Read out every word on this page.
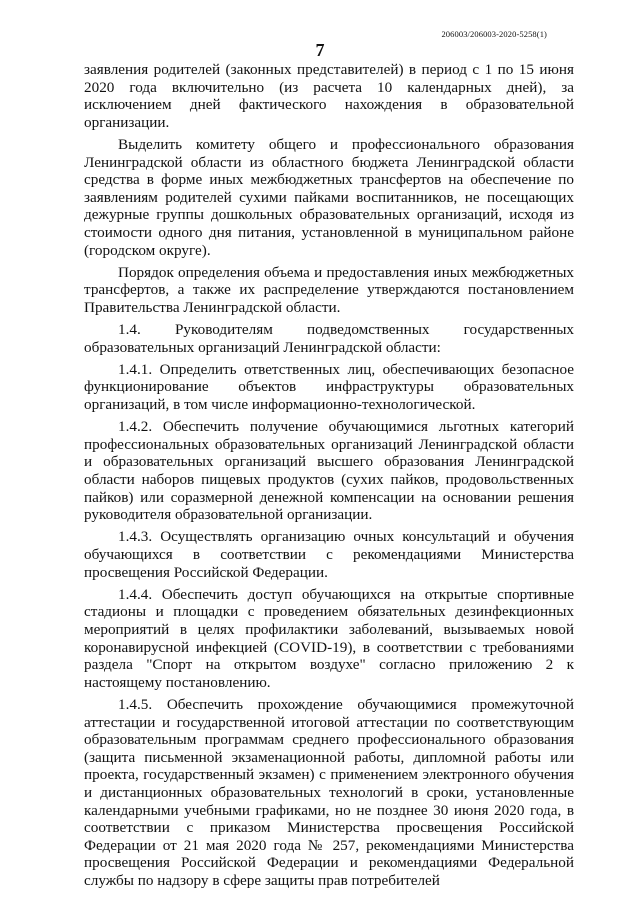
206003/206003-2020-5258(1)
7

заявления родителей (законных представителей) в период с 1 по 15 июня 2020 года включительно (из расчета 10 календарных дней), за исключением дней фактического нахождения в образовательной организации.

Выделить комитету общего и профессионального образования Ленинградской области из областного бюджета Ленинградской области средства в форме иных межбюджетных трансфертов на обеспечение по заявлениям родителей сухими пайками воспитанников, не посещающих дежурные группы дошкольных образовательных организаций, исходя из стоимости одного дня питания, установленной в муниципальном районе (городском округе).

Порядок определения объема и предоставления иных межбюджетных трансфертов, а также их распределение утверждаются постановлением Правительства Ленинградской области.

1.4. Руководителям подведомственных государственных образовательных организаций Ленинградской области:

1.4.1. Определить ответственных лиц, обеспечивающих безопасное функционирование объектов инфраструктуры образовательных организаций, в том числе информационно-технологической.

1.4.2. Обеспечить получение обучающимися льготных категорий профессиональных образовательных организаций Ленинградской области и образовательных организаций высшего образования Ленинградской области наборов пищевых продуктов (сухих пайков, продовольственных пайков) или соразмерной денежной компенсации на основании решения руководителя образовательной организации.

1.4.3. Осуществлять организацию очных консультаций и обучения обучающихся в соответствии с рекомендациями Министерства просвещения Российской Федерации.

1.4.4. Обеспечить доступ обучающихся на открытые спортивные стадионы и площадки с проведением обязательных дезинфекционных мероприятий в целях профилактики заболеваний, вызываемых новой коронавирусной инфекцией (COVID-19), в соответствии с требованиями раздела "Спорт на открытом воздухе" согласно приложению 2 к настоящему постановлению.

1.4.5. Обеспечить прохождение обучающимися промежуточной аттестации и государственной итоговой аттестации по соответствующим образовательным программам среднего профессионального образования (защита письменной экзаменационной работы, дипломной работы или проекта, государственный экзамен) с применением электронного обучения и дистанционных образовательных технологий в сроки, установленные календарными учебными графиками, но не позднее 30 июня 2020 года, в соответствии с приказом Министерства просвещения Российской Федерации от 21 мая 2020 года № 257, рекомендациями Министерства просвещения Российской Федерации и рекомендациями Федеральной службы по надзору в сфере защиты прав потребителей
